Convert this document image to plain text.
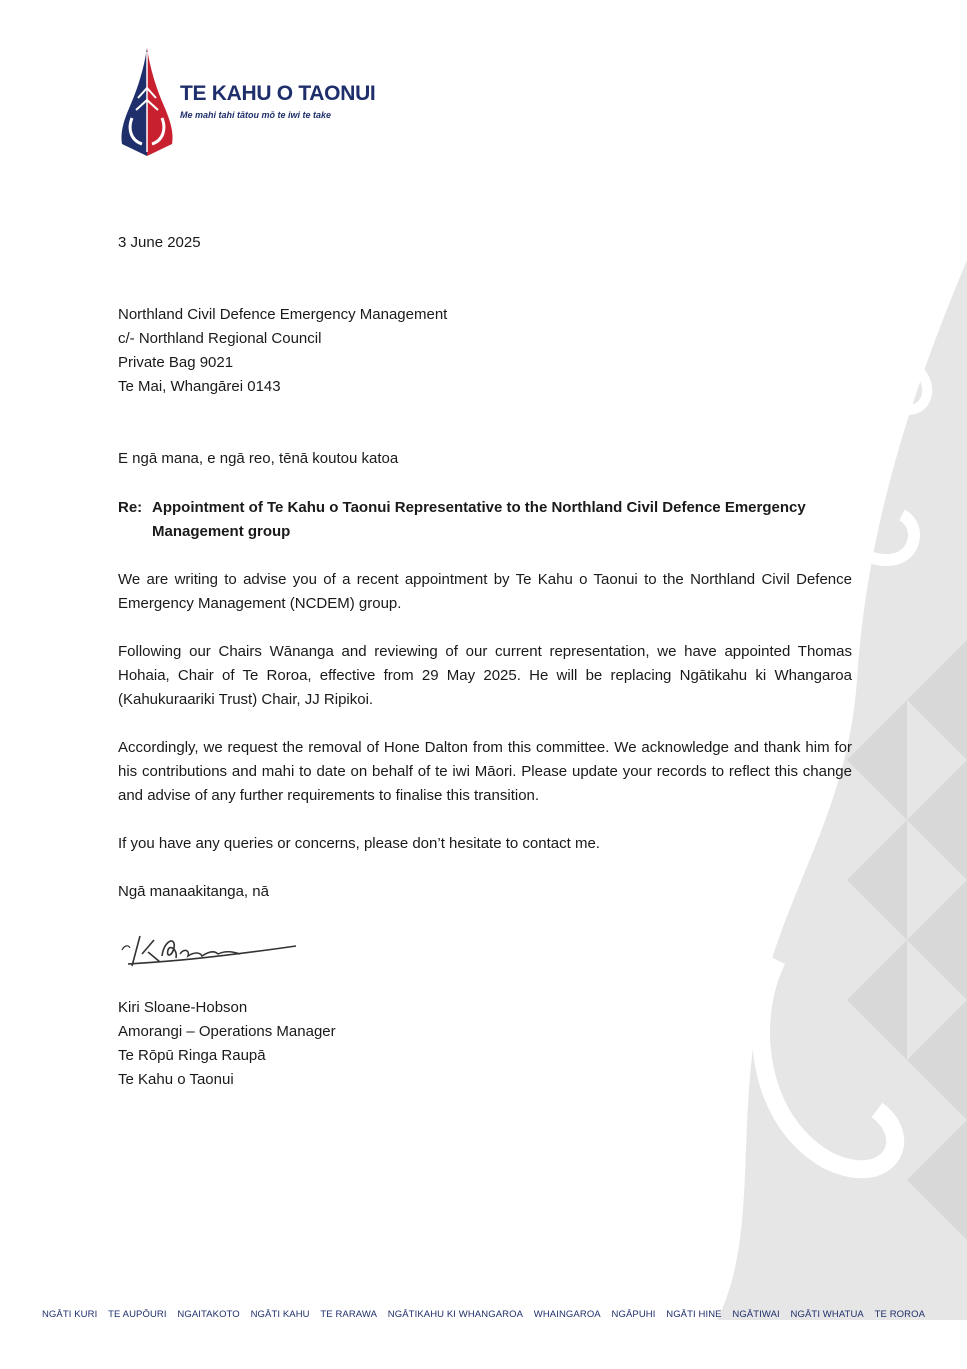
TE KAHU O TAONUI
Me mahi tahi tātou mō te iwi te take
3 June 2025
Northland Civil Defence Emergency Management
c/- Northland Regional Council
Private Bag 9021
Te Mai, Whangārei 0143
E ngā mana, e ngā reo, tēnā koutou katoa
Re: Appointment of Te Kahu o Taonui Representative to the Northland Civil Defence Emergency Management group
We are writing to advise you of a recent appointment by Te Kahu o Taonui to the Northland Civil Defence Emergency Management (NCDEM) group.
Following our Chairs Wānanga and reviewing of our current representation, we have appointed Thomas Hohaia, Chair of Te Roroa, effective from 29 May 2025. He will be replacing Ngātikahu ki Whangaroa (Kahukuraariki Trust) Chair, JJ Ripikoi.
Accordingly, we request the removal of Hone Dalton from this committee. We acknowledge and thank him for his contributions and mahi to date on behalf of te iwi Māori. Please update your records to reflect this change and advise of any further requirements to finalise this transition.
If you have any queries or concerns, please don’t hesitate to contact me.
Ngā manaakitanga, nā
Kiri Sloane-Hobson
Amorangi – Operations Manager
Te Rōpū Ringa Raupā
Te Kahu o Taonui
NGĀTI KURI TE AUPŌURI NGAITAKOTO NGĀTI KAHU TE RARAWA NGĀTIKAHU KI WHANGAROA WHAINGAROA NGĀPUHI NGĀTI HINE NGĀTIWAI NGĀTI WHATUA TE ROROA
